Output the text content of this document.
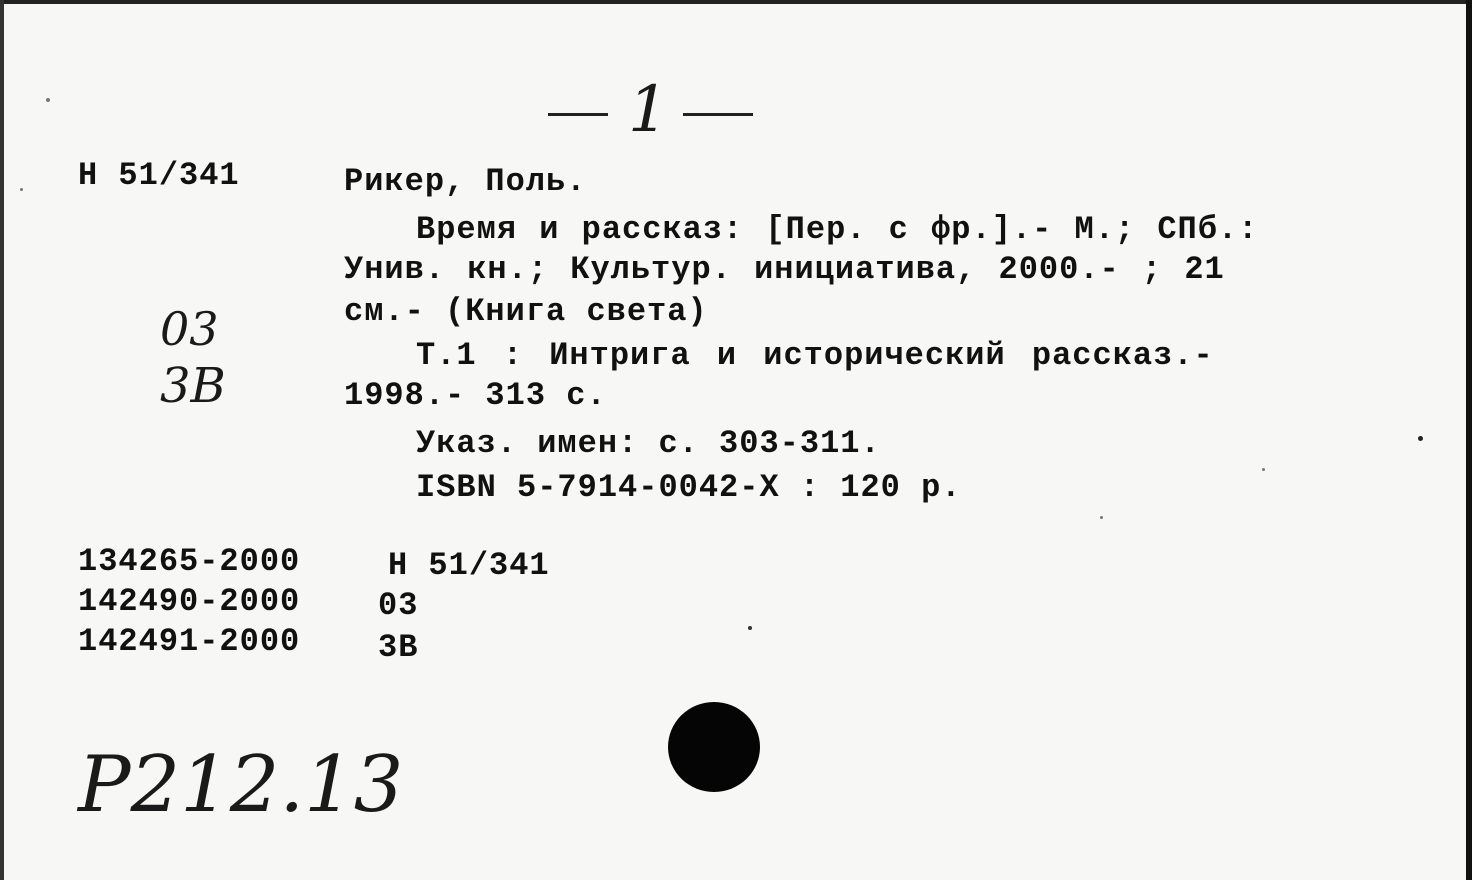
1
Н 51/341
03
3В
Рикер, Поль.
Время и рассказ: [Пер. с фр.].- М.; СПб.:
Унив. кн.; Культур. инициатива, 2000.- ; 21
см.- (Книга света)
Т.1 : Интрига и исторический рассказ.-
1998.- 313 с.
Указ. имен: с. 303-311.
ISBN 5-7914-0042-X : 120 р.
134265-2000	Н 51/341
142490-2000 03
142491-2000 3В
Р212.13
